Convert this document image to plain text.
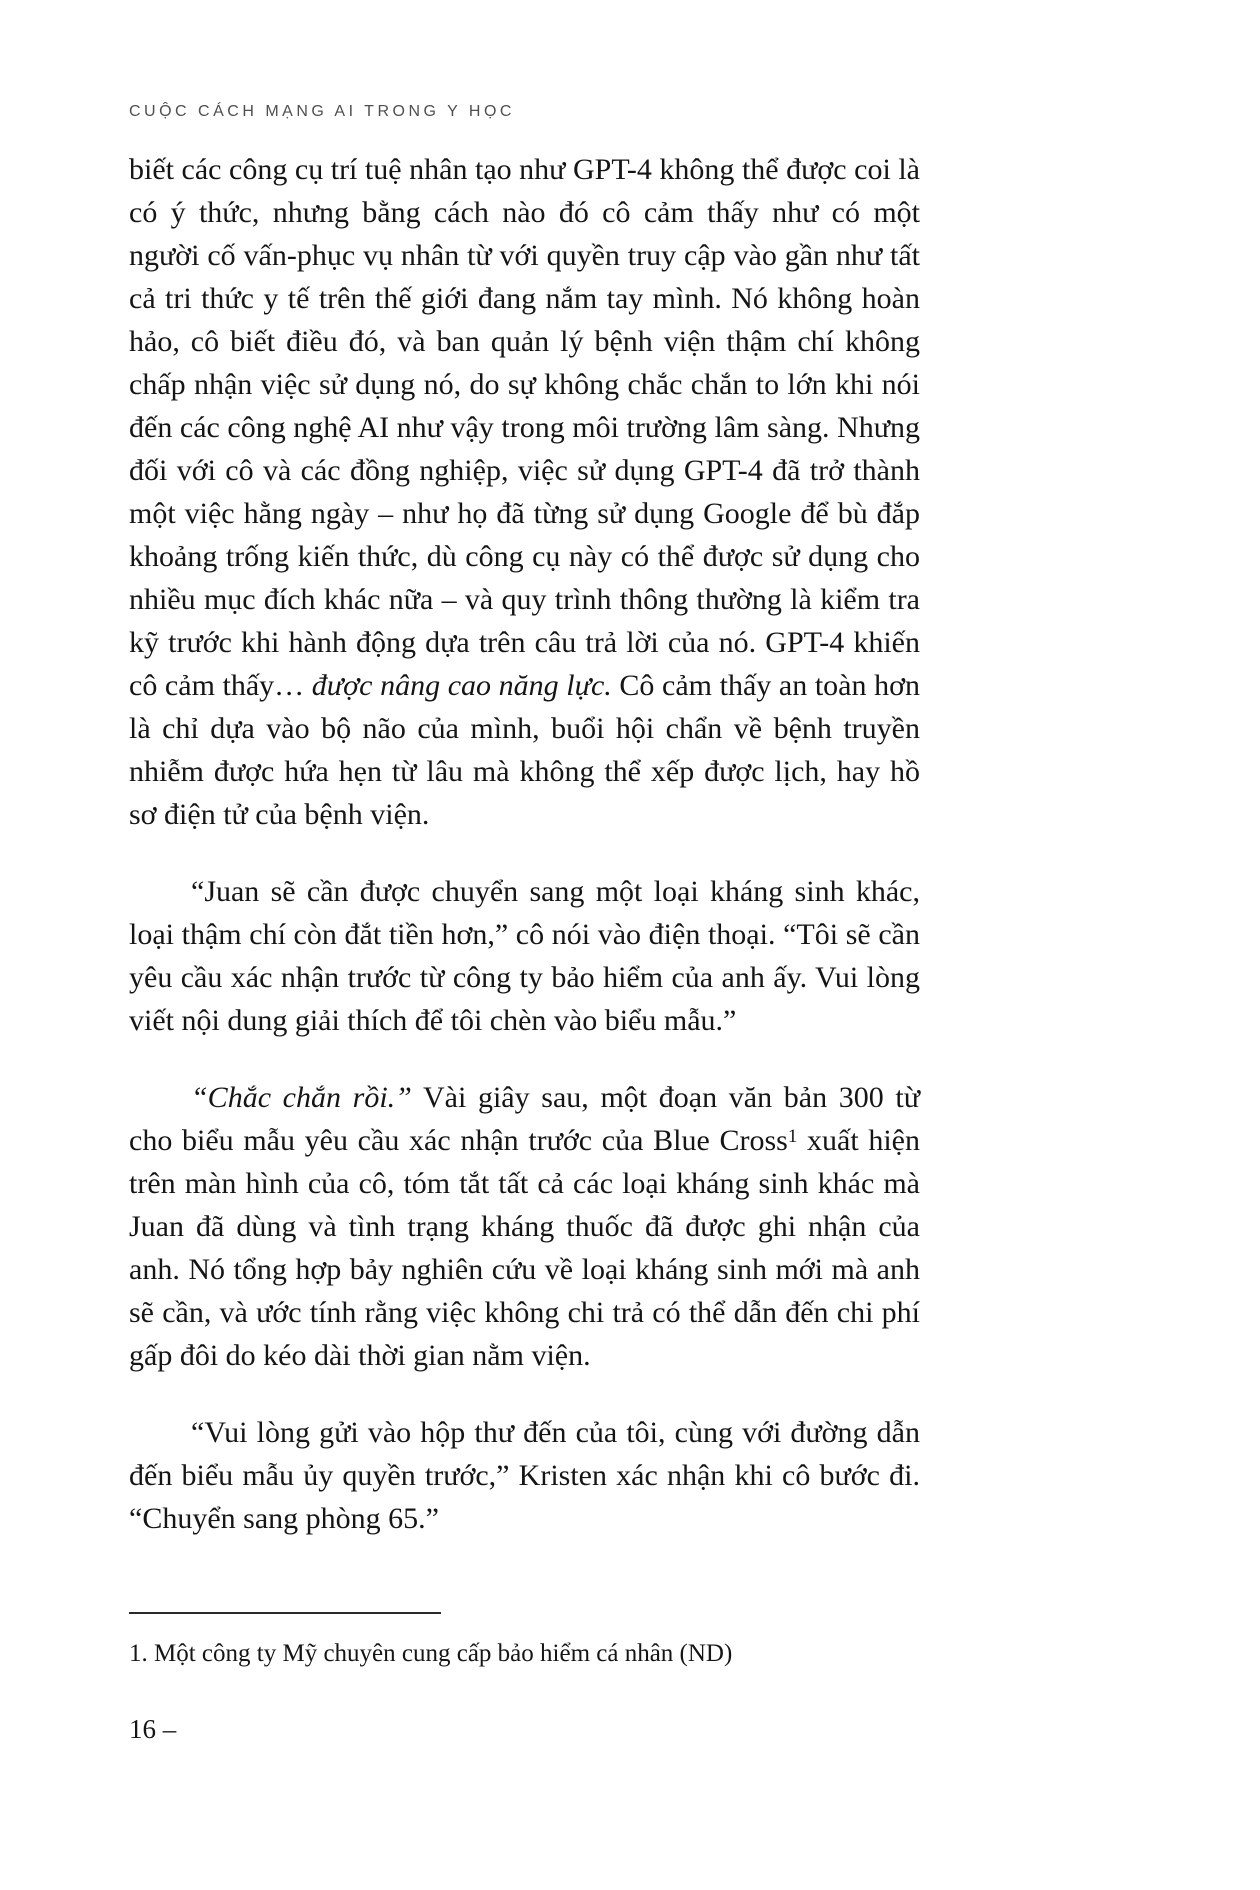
CUỘC CÁCH MẠNG AI TRONG Y HỌC

biết các công cụ trí tuệ nhân tạo như GPT-4 không thể được coi là có ý thức, nhưng bằng cách nào đó cô cảm thấy như có một người cố vấn-phục vụ nhân từ với quyền truy cập vào gần như tất cả tri thức y tế trên thế giới đang nắm tay mình. Nó không hoàn hảo, cô biết điều đó, và ban quản lý bệnh viện thậm chí không chấp nhận việc sử dụng nó, do sự không chắc chắn to lớn khi nói đến các công nghệ AI như vậy trong môi trường lâm sàng. Nhưng đối với cô và các đồng nghiệp, việc sử dụng GPT-4 đã trở thành một việc hằng ngày – như họ đã từng sử dụng Google để bù đắp khoảng trống kiến thức, dù công cụ này có thể được sử dụng cho nhiều mục đích khác nữa – và quy trình thông thường là kiểm tra kỹ trước khi hành động dựa trên câu trả lời của nó. GPT-4 khiến cô cảm thấy… được nâng cao năng lực. Cô cảm thấy an toàn hơn là chỉ dựa vào bộ não của mình, buổi hội chẩn về bệnh truyền nhiễm được hứa hẹn từ lâu mà không thể xếp được lịch, hay hồ sơ điện tử của bệnh viện.

“Juan sẽ cần được chuyển sang một loại kháng sinh khác, loại thậm chí còn đắt tiền hơn,” cô nói vào điện thoại. “Tôi sẽ cần yêu cầu xác nhận trước từ công ty bảo hiểm của anh ấy. Vui lòng viết nội dung giải thích để tôi chèn vào biểu mẫu.”

“Chắc chắn rồi.” Vài giây sau, một đoạn văn bản 300 từ cho biểu mẫu yêu cầu xác nhận trước của Blue Cross$^1$ xuất hiện trên màn hình của cô, tóm tắt tất cả các loại kháng sinh khác mà Juan đã dùng và tình trạng kháng thuốc đã được ghi nhận của anh. Nó tổng hợp bảy nghiên cứu về loại kháng sinh mới mà anh sẽ cần, và ước tính rằng việc không chi trả có thể dẫn đến chi phí gấp đôi do kéo dài thời gian nằm viện.

“Vui lòng gửi vào hộp thư đến của tôi, cùng với đường dẫn đến biểu mẫu ủy quyền trước,” Kristen xác nhận khi cô bước đi. “Chuyển sang phòng 65.”

1. Một công ty Mỹ chuyên cung cấp bảo hiểm cá nhân (ND)
16 –
